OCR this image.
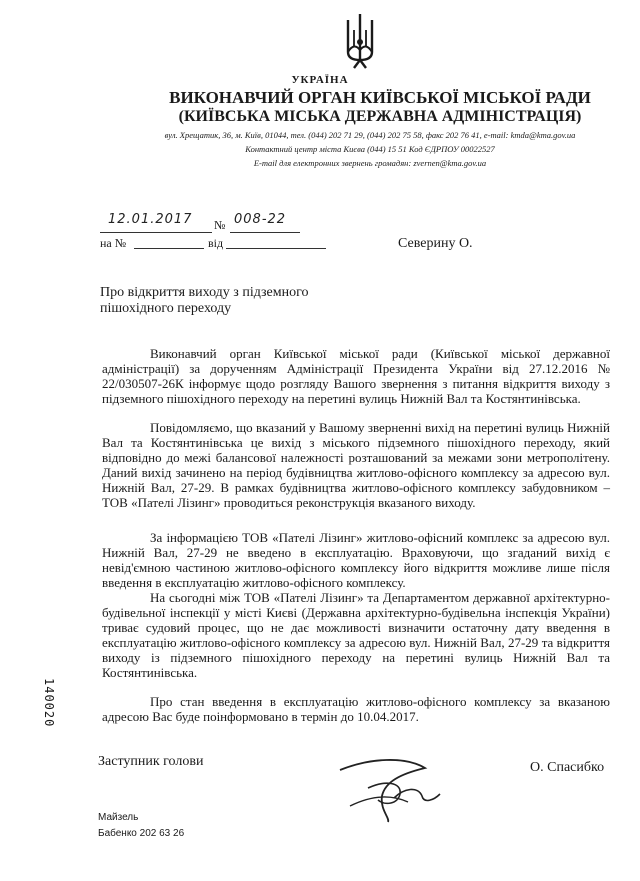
УКРАЇНА
ВИКОНАВЧИЙ ОРГАН КИЇВСЬКОЇ МІСЬКОЇ РАДИ
(КИЇВСЬКА МІСЬКА ДЕРЖАВНА АДМІНІСТРАЦІЯ)
вул. Хрещатик, 36, м. Київ, 01044, тел. (044) 202 71 29, (044) 202 75 58, факс 202 76 41, e-mail: kmda@kma.gov.ua
Контактний центр міста Києва (044) 15 51 Код ЄДРПОУ 00022527
E-mail для електронних звернень громадян: zvernen@kma.gov.ua
12.01.2017 № 008-22
на №	від	Северину О.
Про відкриття виходу з підземного
пішохідного переходу
Виконавчий орган Київської міської ради (Київської міської державної адміністрації) за дорученням Адміністрації Президента України від 27.12.2016 № 22/030507-26К інформує щодо розгляду Вашого звернення з питання відкриття виходу з підземного пішохідного переходу на перетині вулиць Нижній Вал та Костянтинівська.
Повідомляємо, що вказаний у Вашому зверненні вихід на перетині вулиць Нижній Вал та Костянтинівська це вихід з міського підземного пішохідного переходу, який відповідно до межі балансової належності розташований за межами зони метрополітену. Даний вихід зачинено на період будівництва житлово-офісного комплексу за адресою вул. Нижній Вал, 27-29. В рамках будівництва житлово-офісного комплексу забудовником – ТОВ «Пателі Лізинг» проводиться реконструкція вказаного виходу.
За інформацією ТОВ «Пателі Лізинг» житлово-офісний комплекс за адресою вул. Нижній Вал, 27-29 не введено в експлуатацію. Враховуючи, що згаданий вихід є невід'ємною частиною житлово-офісного комплексу його відкриття можливе лише після введення в експлуатацію житлово-офісного комплексу.
На сьогодні між ТОВ «Пателі Лізинг» та Департаментом державної архітектурно-будівельної інспекції у місті Києві (Державна архітектурно-будівельна інспекція України) триває судовий процес, що не дає можливості визначити остаточну дату введення в експлуатацію житлово-офісного комплексу за адресою вул. Нижній Вал, 27-29 та відкриття виходу із підземного пішохідного переходу на перетині вулиць Нижній Вал та Костянтинівська.
Про стан введення в експлуатацію житлово-офісного комплексу за вказаною адресою Вас буде поінформовано в термін до 10.04.2017.
Заступник голови	О. Спасибко
Майзель
Бабенко 202 63 26
140020
